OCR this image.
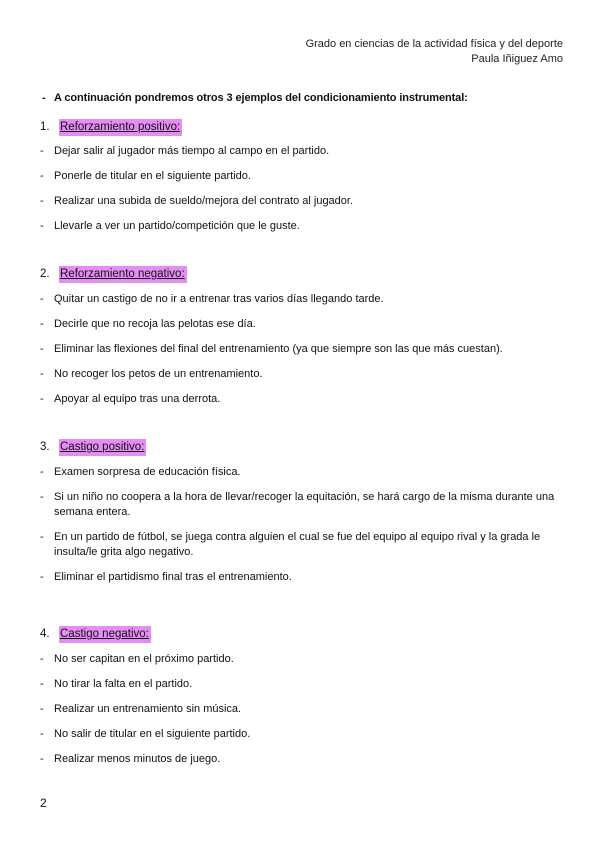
Grado en ciencias de la actividad física y del deporte
Paula Iñiguez Amo
- A continuación pondremos otros 3 ejemplos del condicionamiento instrumental:
1. Reforzamiento positivo:
- Dejar salir al jugador más tiempo al campo en el partido.
- Ponerle de titular en el siguiente partido.
- Realizar una subida de sueldo/mejora del contrato al jugador.
- Llevarle a ver un partido/competición que le guste.
2. Reforzamiento negativo:
- Quitar un castigo de no ir a entrenar tras varios días llegando tarde.
- Decirle que no recoja las pelotas ese día.
- Eliminar las flexiones del final del entrenamiento (ya que siempre son las que más cuestan).
- No recoger los petos de un entrenamiento.
- Apoyar al equipo tras una derrota.
3. Castigo positivo:
- Examen sorpresa de educación física.
- Si un niño no coopera a la hora de llevar/recoger la equitación, se hará cargo de la misma durante una semana entera.
- En un partido de fútbol, se juega contra alguien el cual se fue del equipo al equipo rival y la grada le insulta/le grita algo negativo.
- Eliminar el partidismo final tras el entrenamiento.
4. Castigo negativo:
- No ser capitan en el próximo partido.
- No tirar la falta en el partido.
- Realizar un entrenamiento sin música.
- No salir de titular en el siguiente partido.
- Realizar menos minutos de juego.
2
